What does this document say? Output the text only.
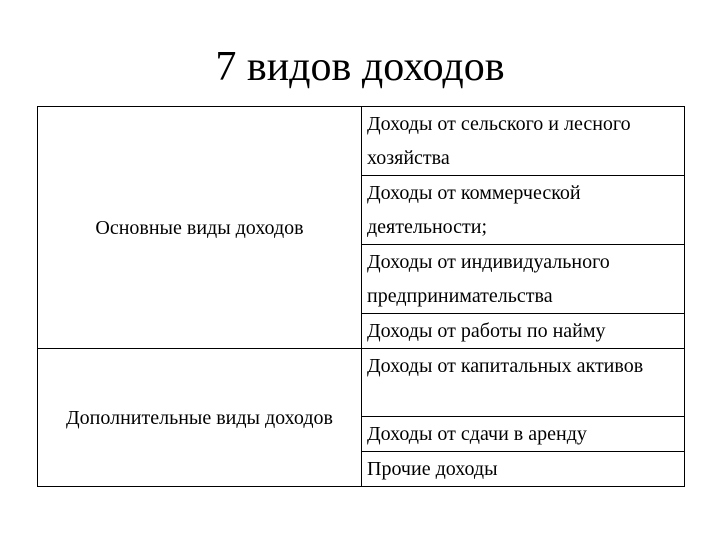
7 видов доходов
Основные виды доходов	Доходы от сельского и лесного хозяйства
	Доходы от коммерческой деятельности;
	Доходы от индивидуального предпринимательства
	Доходы от работы по найму
Дополнительные виды доходов	Доходы от капитальных активов
	Доходы от сдачи в аренду
	Прочие доходы
